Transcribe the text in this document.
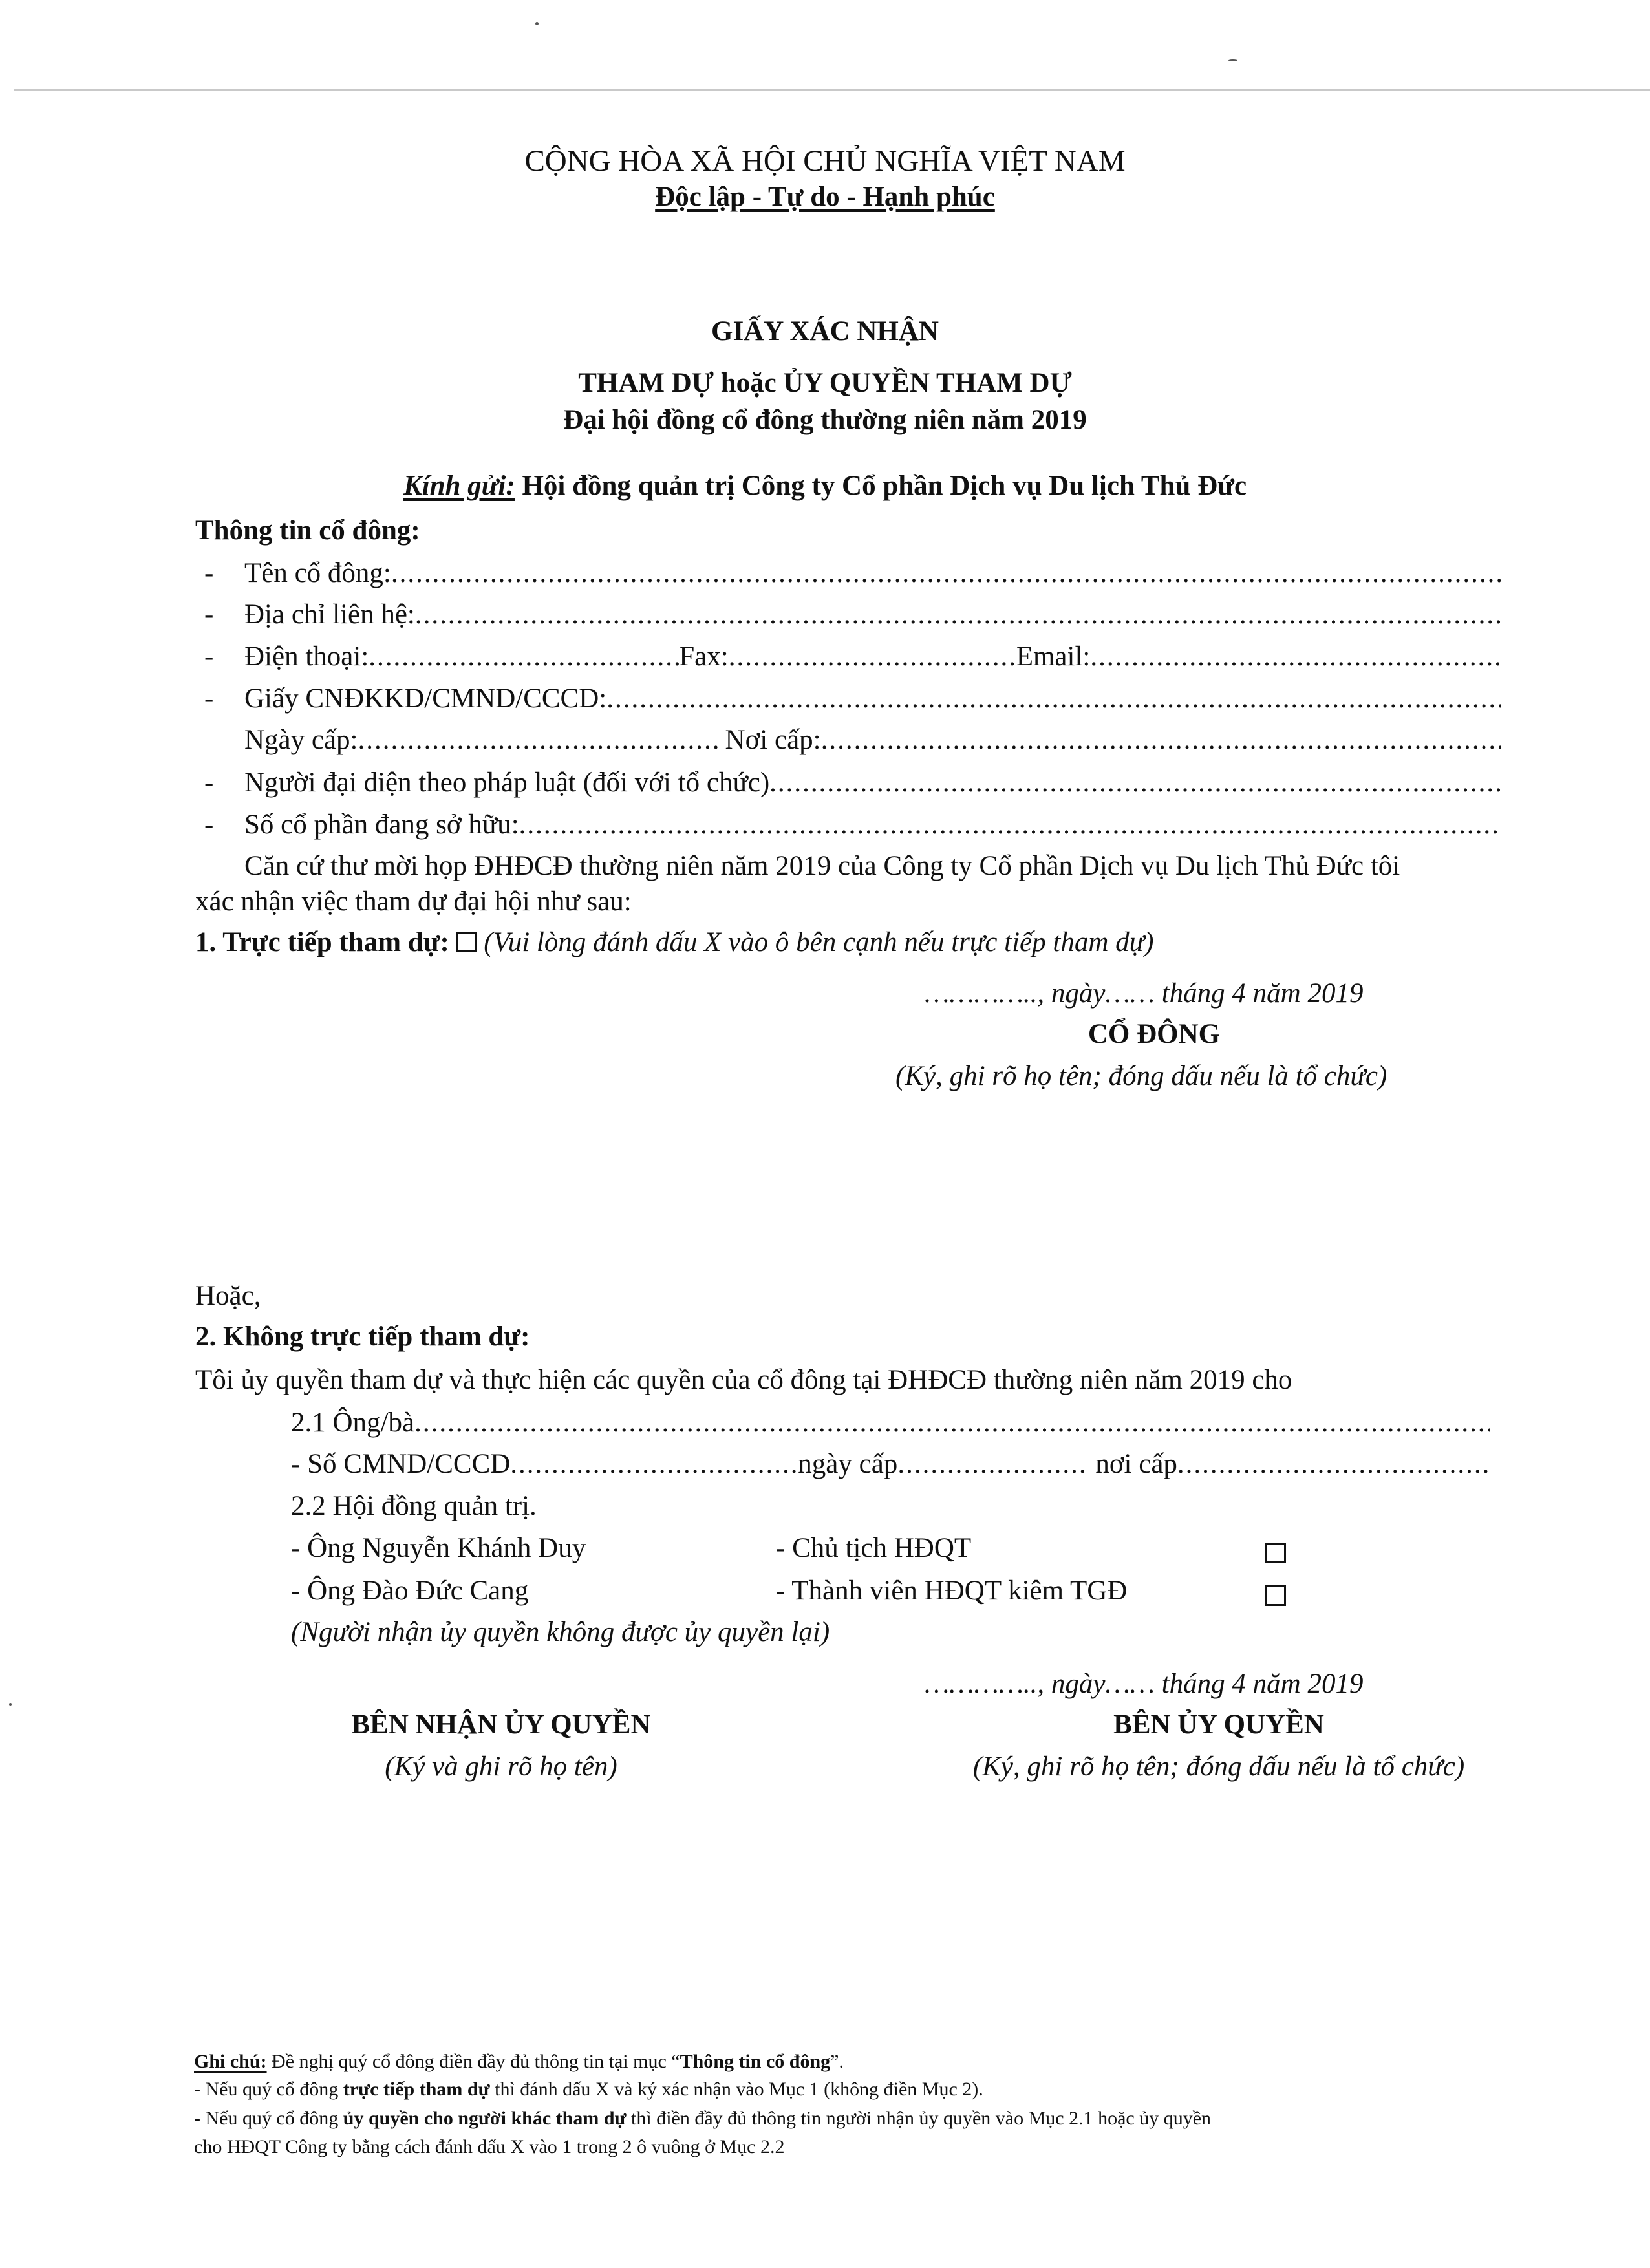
CỘNG HÒA XÃ HỘI CHỦ NGHĨA VIỆT NAM
Độc lập - Tự do - Hạnh phúc
GIẤY XÁC NHẬN
THAM DỰ hoặc ỦY QUYỀN THAM DỰ
Đại hội đồng cổ đông thường niên năm 2019
Kính gửi: Hội đồng quản trị Công ty Cổ phần Dịch vụ Du lịch Thủ Đức
Thông tin cổ đông:
- Tên cổ đông:
.....
- Địa chỉ liên hệ:
.....
- Điện thoại: .....	Fax: .....	Email:
.....
- Giấy CNĐKKD/CMND/CCCD:
.....
Ngày cấp: .....	Nơi cấp:
.....
- Người đại diện theo pháp luật (đối với tổ chức)
.....
- Số cổ phần đang sở hữu:
.....
Căn cứ thư mời họp ĐHĐCĐ thường niên năm 2019 của Công ty Cổ phần Dịch vụ Du lịch Thủ Đức tôi
xác nhận việc tham dự đại hội như sau:
1. Trực tiếp tham dự: (Vui lòng đánh dấu X vào ô bên cạnh nếu trực tiếp tham dự)
………….., ngày…… tháng 4 năm 2019
CỔ ĐÔNG
(Ký, ghi rõ họ tên; đóng dấu nếu là tổ chức)
Hoặc,
2. Không trực tiếp tham dự:
Tôi ủy quyền tham dự và thực hiện các quyền của cổ đông tại ĐHĐCĐ thường niên năm 2019 cho
2.1 Ông/bà
.....
- Số CMND/CCCD .....	ngày cấp .....	nơi cấp
.....
2.2 Hội đồng quản trị.
- Ông Nguyễn Khánh Duy	- Chủ tịch HĐQT
- Ông Đào Đức Cang	- Thành viên HĐQT kiêm TGĐ
(Người nhận ủy quyền không được ủy quyền lại)
………….., ngày…… tháng 4 năm 2019
BÊN NHẬN ỦY QUYỀN
(Ký và ghi rõ họ tên)
BÊN ỦY QUYỀN
(Ký, ghi rõ họ tên; đóng dấu nếu là tổ chức)
Ghi chú: Đề nghị quý cổ đông điền đầy đủ thông tin tại mục “Thông tin cổ đông”.
- Nếu quý cổ đông trực tiếp tham dự thì đánh dấu X và ký xác nhận vào Mục 1 (không điền Mục 2).
- Nếu quý cổ đông ủy quyền cho người khác tham dự thì điền đầy đủ thông tin người nhận ủy quyền vào Mục 2.1 hoặc ủy quyền
cho HĐQT Công ty bằng cách đánh dấu X vào 1 trong 2 ô vuông ở Mục 2.2
